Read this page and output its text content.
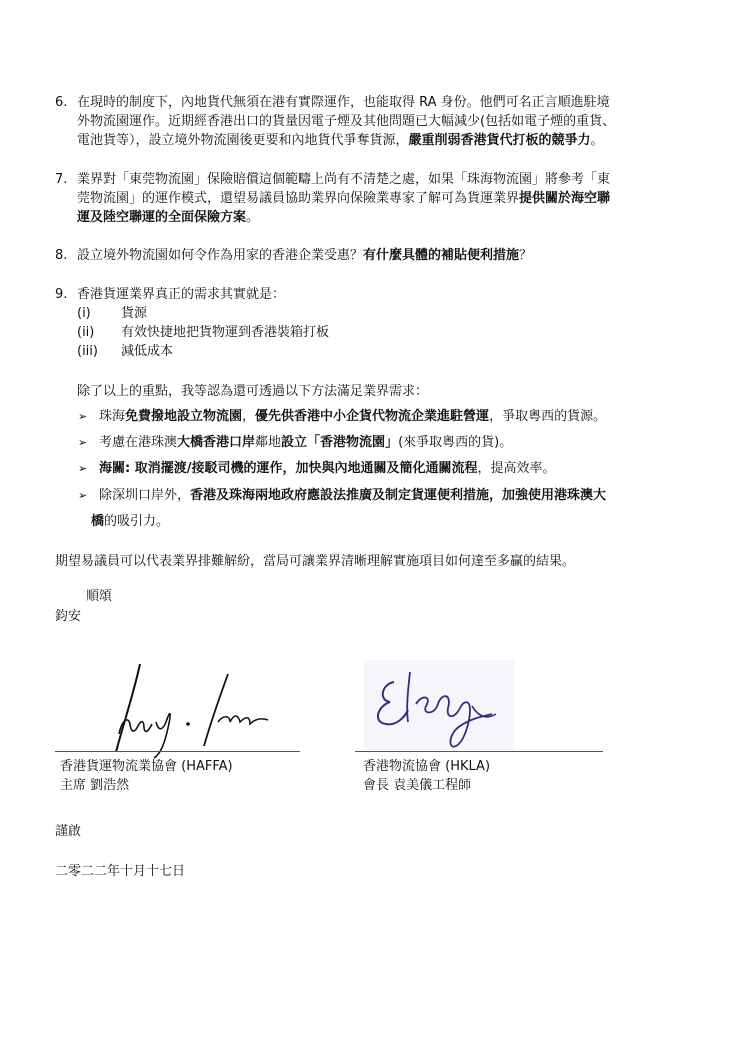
6. 在現時的制度下，內地貨代無須在港有實際運作，也能取得 RA 身份。他們可名正言順進駐境
外物流園運作。近期經香港出口的貨量因電子煙及其他問題已大幅減少(包括如電子煙的重貨、
電池貨等），設立境外物流園後更要和內地貨代爭奪貨源，嚴重削弱香港貨代打板的競爭力。
7. 業界對「東莞物流園」保險賠償這個範疇上尚有不清楚之處，如果「珠海物流園」將參考「東
莞物流園」的運作模式，還望易議員協助業界向保險業專家了解可為貨運業界提供關於海空聯
運及陸空聯運的全面保險方案。
8. 設立境外物流園如何令作為用家的香港企業受惠？有什麼具體的補貼便利措施？
9. 香港貨運業界真正的需求其實就是：
(i) 貨源
(ii) 有效快捷地把貨物運到香港裝箱打板
(iii) 減低成本
除了以上的重點，我等認為還可透過以下方法滿足業界需求：
➢ 珠海免費撥地設立物流園，優先供香港中小企貨代物流企業進駐營運，爭取粵西的貨源。
➢ 考慮在港珠澳大橋香港口岸鄰地設立「香港物流園」(來爭取粵西的貨)。
➢ 海關: 取消擺渡/接駁司機的運作，加快與內地通關及簡化通關流程，提高效率。
➢ 除深圳口岸外，香港及珠海兩地政府應設法推廣及制定貨運便利措施，加強使用港珠澳大
橋的吸引力。
期望易議員可以代表業界排難解紛，當局可讓業界清晰理解實施項目如何達至多贏的結果。
順頌
鈞安
香港貨運物流業協會 (HAFFA)
主席 劉浩然
香港物流協會 (HKLA)
會長 袁美儀工程師
謹啟
二零二二年十月十七日
